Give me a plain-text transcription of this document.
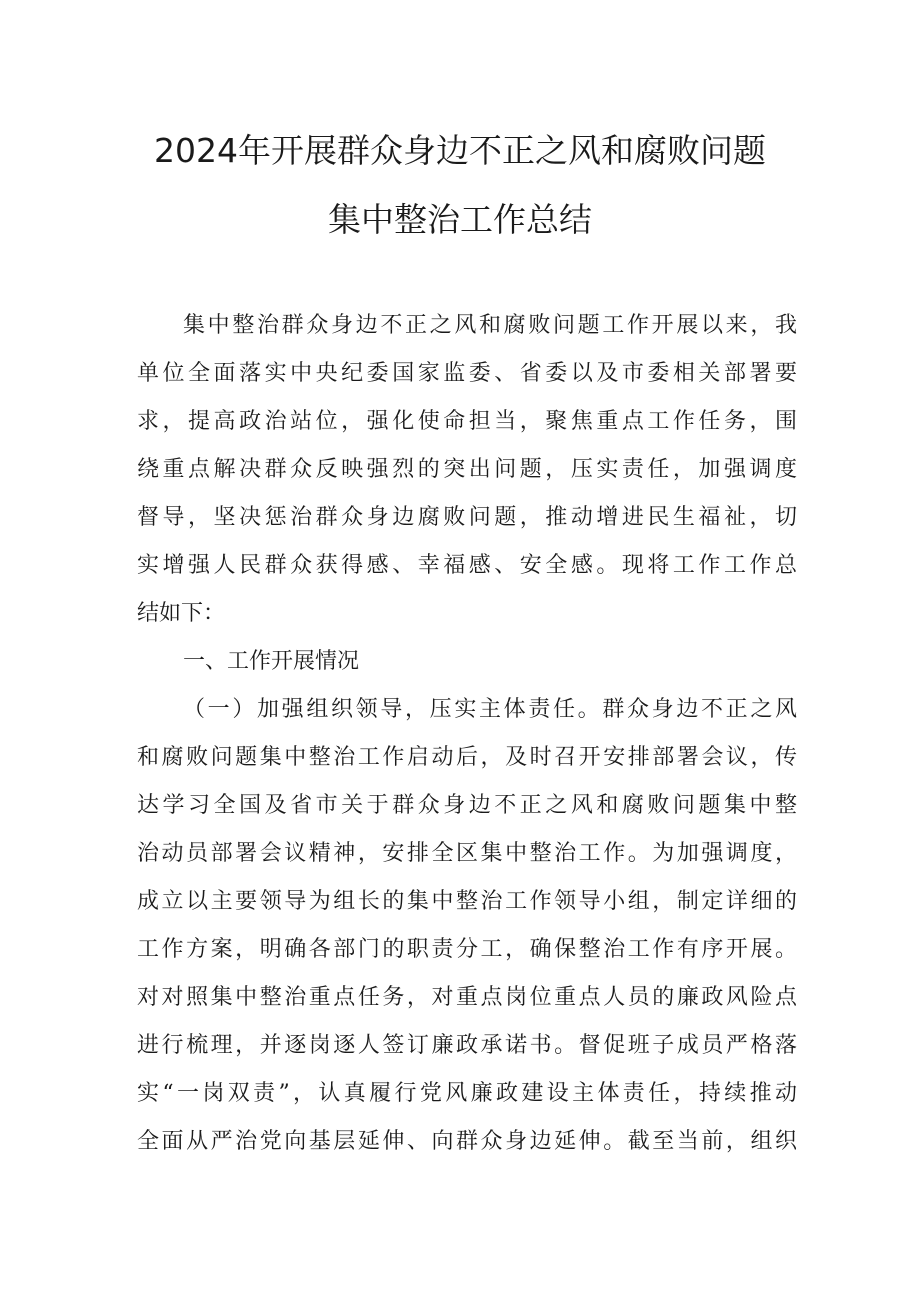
2024年开展群众身边不正之风和腐败问题
集中整治工作总结

集中整治群众身边不正之风和腐败问题工作开展以来，我

单位全面落实中央纪委国家监委、省委以及市委相关部署要

求，提高政治站位，强化使命担当，聚焦重点工作任务，围

绕重点解决群众反映强烈的突出问题，压实责任，加强调度

督导，坚决惩治群众身边腐败问题，推动增进民生福祉，切

实增强人民群众获得感、幸福感、安全感。现将工作工作总

结如下：

一、工作开展情况

（一）加强组织领导，压实主体责任。群众身边不正之风

和腐败问题集中整治工作启动后，及时召开安排部署会议，传

达学习全国及省市关于群众身边不正之风和腐败问题集中整

治动员部署会议精神，安排全区集中整治工作。为加强调度，

成立以主要领导为组长的集中整治工作领导小组，制定详细的

工作方案，明确各部门的职责分工，确保整治工作有序开展。

对对照集中整治重点任务，对重点岗位重点人员的廉政风险点

进行梳理，并逐岗逐人签订廉政承诺书。督促班子成员严格落

实“一岗双责”，认真履行党风廉政建设主体责任，持续推动

全面从严治党向基层延伸、向群众身边延伸。截至当前，组织
